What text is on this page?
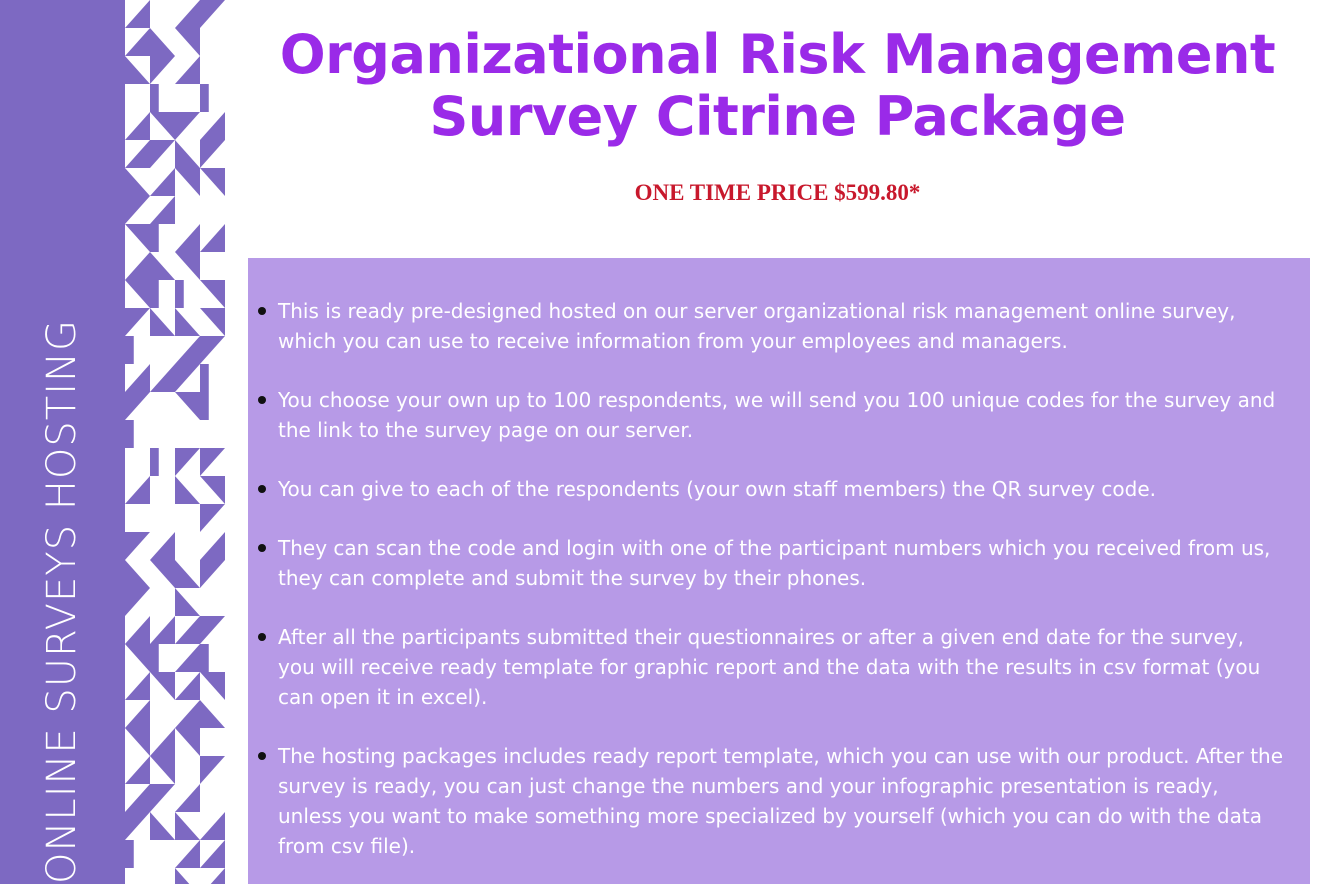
ONLINE SURVEYS HOSTING
Organizational Risk Management
Survey Citrine Package
ONE TIME PRICE $599.80*
This is ready pre-designed hosted on our server organizational risk management online survey, which you can use to receive information from your employees and managers.
You choose your own up to 100 respondents, we will send you 100 unique codes for the survey and the link to the survey page on our server.
You can give to each of the respondents (your own staff members) the QR survey code.
They can scan the code and login with one of the participant numbers which you received from us, they can complete and submit the survey by their phones.
After all the participants submitted their questionnaires or after a given end date for the survey, you will receive ready template for graphic report and the data with the results in csv format (you can open it in excel).
The hosting packages includes ready report template, which you can use with our product. After the survey is ready, you can just change the numbers and your infographic presentation is ready, unless you want to make something more specialized by yourself (which you can do with the data from csv file).
